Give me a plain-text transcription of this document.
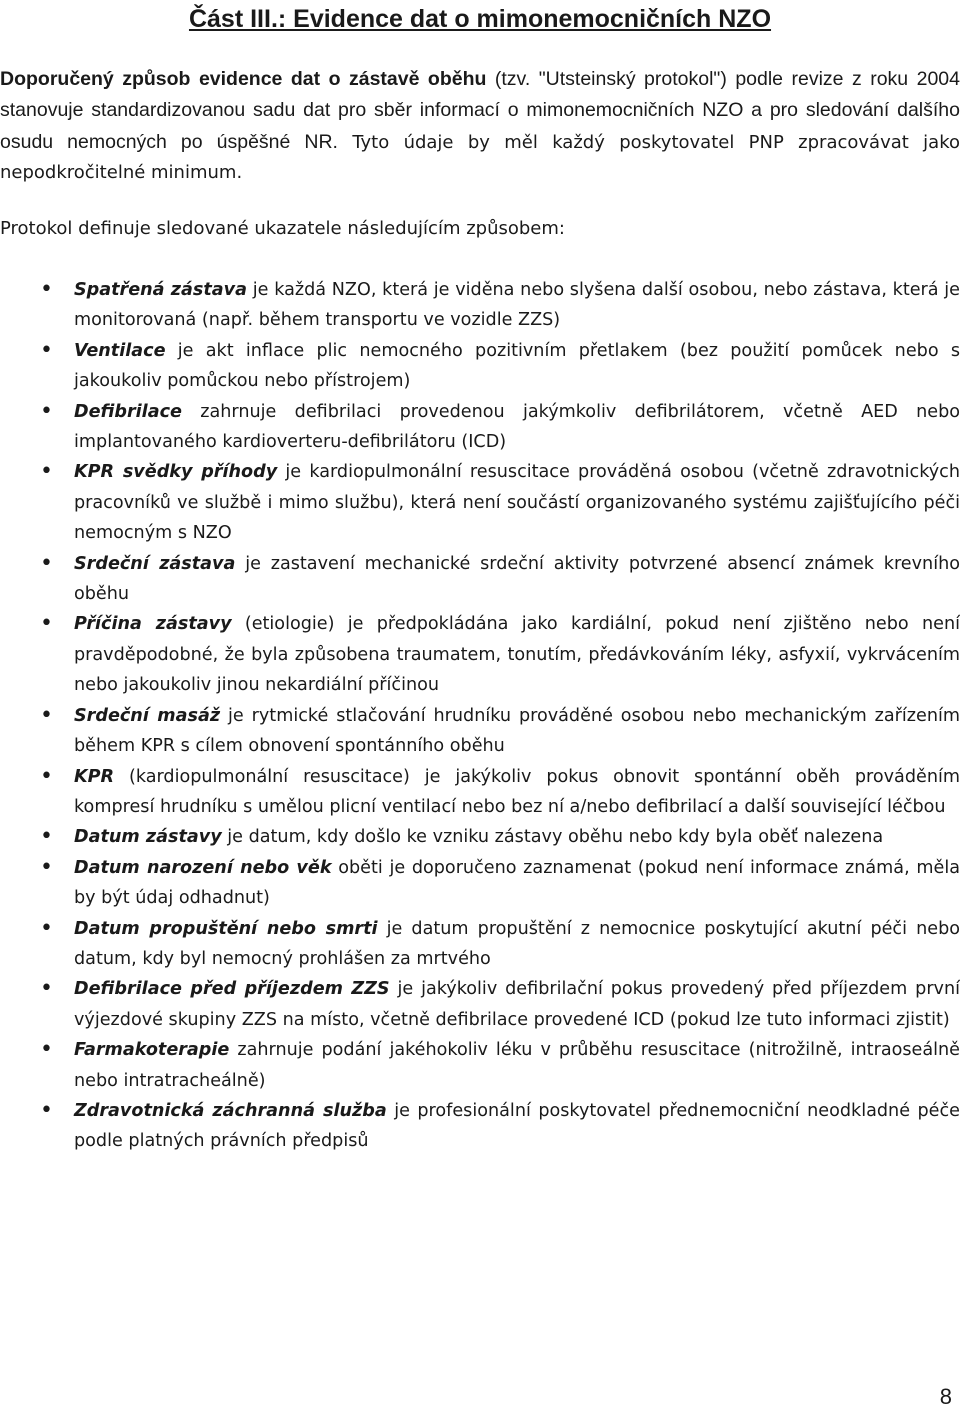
Část III.: Evidence dat o mimonemocničních NZO
Doporučený způsob evidence dat o zástavě oběhu (tzv. "Utsteinský protokol") podle revize z roku 2004 stanovuje standardizovanou sadu dat pro sběr informací o mimonemocničních NZO a pro sledování dalšího osudu nemocných po úspěšné NR. Tyto údaje by měl každý poskytovatel PNP zpracovávat jako nepodkročitelné minimum.
Protokol definuje sledované ukazatele následujícím způsobem:
• Spatřená zástava je každá NZO, která je viděna nebo slyšena další osobou, nebo zástava, která je monitorovaná (např. během transportu ve vozidle ZZS)
• Ventilace je akt inflace plic nemocného pozitivním přetlakem (bez použití pomůcek nebo s jakoukoliv pomůckou nebo přístrojem)
• Defibrilace zahrnuje defibrilaci provedenou jakýmkoliv defibrilátorem, včetně AED nebo implantovaného kardioverteru-defibrilátoru (ICD)
• KPR svědky příhody je kardiopulmonální resuscitace prováděná osobou (včetně zdravotnických pracovníků ve službě i mimo službu), která není součástí organizovaného systému zajišťujícího péči nemocným s NZO
• Srdeční zástava je zastavení mechanické srdeční aktivity potvrzené absencí známek krevního oběhu
• Příčina zástavy (etiologie) je předpokládána jako kardiální, pokud není zjištěno nebo není pravděpodobné, že byla způsobena traumatem, tonutím, předávkováním léky, asfyxií, vykrvácením nebo jakoukoliv jinou nekardiální příčinou
• Srdeční masáž je rytmické stlačování hrudníku prováděné osobou nebo mechanickým zařízením během KPR s cílem obnovení spontánního oběhu
• KPR (kardiopulmonální resuscitace) je jakýkoliv pokus obnovit spontánní oběh prováděním kompresí hrudníku s umělou plicní ventilací nebo bez ní a/nebo defibrilací a další související léčbou
• Datum zástavy je datum, kdy došlo ke vzniku zástavy oběhu nebo kdy byla oběť nalezena
• Datum narození nebo věk oběti je doporučeno zaznamenat (pokud není informace známá, měla by být údaj odhadnut)
• Datum propuštění nebo smrti je datum propuštění z nemocnice poskytující akutní péči nebo datum, kdy byl nemocný prohlášen za mrtvého
• Defibrilace před příjezdem ZZS je jakýkoliv defibrilační pokus provedený před příjezdem první výjezdové skupiny ZZS na místo, včetně defibrilace provedené ICD (pokud lze tuto informaci zjistit)
• Farmakoterapie zahrnuje podání jakéhokoliv léku v průběhu resuscitace (nitrožilně, intraoseálně nebo intratracheálně)
• Zdravotnická záchranná služba je profesionální poskytovatel přednemocniční neodkladné péče podle platných právních předpisů
8
